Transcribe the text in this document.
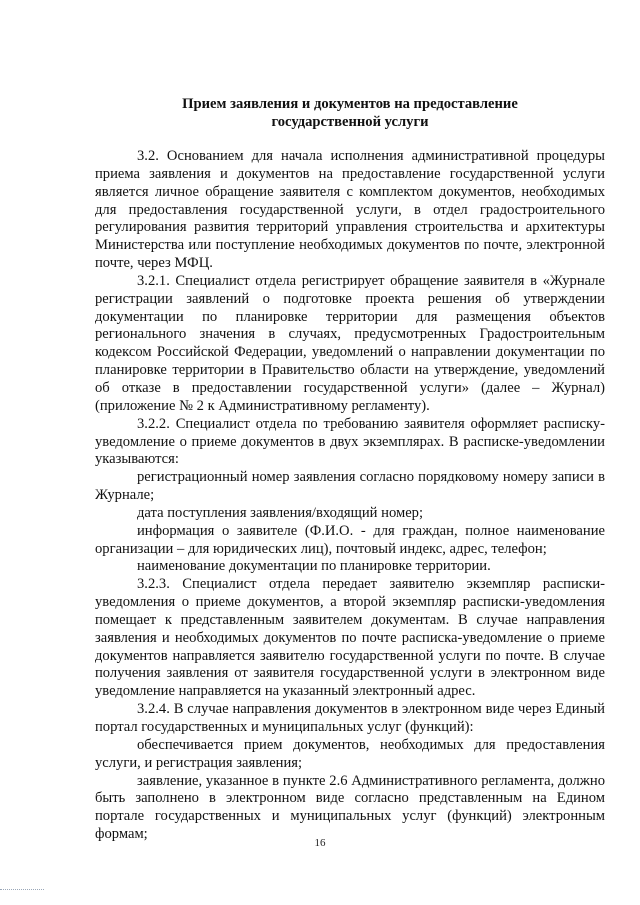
Прием заявления и документов на предоставление
государственной услуги

3.2. Основанием для начала исполнения административной процедуры приема заявления и документов на предоставление государственной услуги является личное обращение заявителя с комплектом документов, необходимых для предоставления государственной услуги, в отдел градостроительного регулирования развития территорий управления строительства и архитектуры Министерства или поступление необходимых документов по почте, электронной почте, через МФЦ.

3.2.1. Специалист отдела регистрирует обращение заявителя в «Журнале регистрации заявлений о подготовке проекта решения об утверждении документации по планировке территории для размещения объектов регионального значения в случаях, предусмотренных Градостроительным кодексом Российской Федерации, уведомлений о направлении документации по планировке территории в Правительство области на утверждение, уведомлений об отказе в предоставлении государственной услуги» (далее – Журнал) (приложение № 2 к Административному регламенту).

3.2.2. Специалист отдела по требованию заявителя оформляет расписку-уведомление о приеме документов в двух экземплярах. В расписке-уведомлении указываются:

регистрационный номер заявления согласно порядковому номеру записи в Журнале;

дата поступления заявления/входящий номер;

информация о заявителе (Ф.И.О. - для граждан, полное наименование организации – для юридических лиц), почтовый индекс, адрес, телефон;

наименование документации по планировке территории.

3.2.3. Специалист отдела передает заявителю экземпляр расписки-уведомления о приеме документов, а второй экземпляр расписки-уведомления помещает к представленным заявителем документам. В случае направления заявления и необходимых документов по почте расписка-уведомление о приеме документов направляется заявителю государственной услуги по почте. В случае получения заявления от заявителя государственной услуги в электронном виде уведомление направляется на указанный электронный адрес.

3.2.4. В случае направления документов в электронном виде через Единый портал государственных и муниципальных услуг (функций):

обеспечивается прием документов, необходимых для предоставления услуги, и регистрация заявления;

заявление, указанное в пункте 2.6 Административного регламента, должно быть заполнено в электронном виде согласно представленным на Едином портале государственных и муниципальных услуг (функций) электронным формам;

16
